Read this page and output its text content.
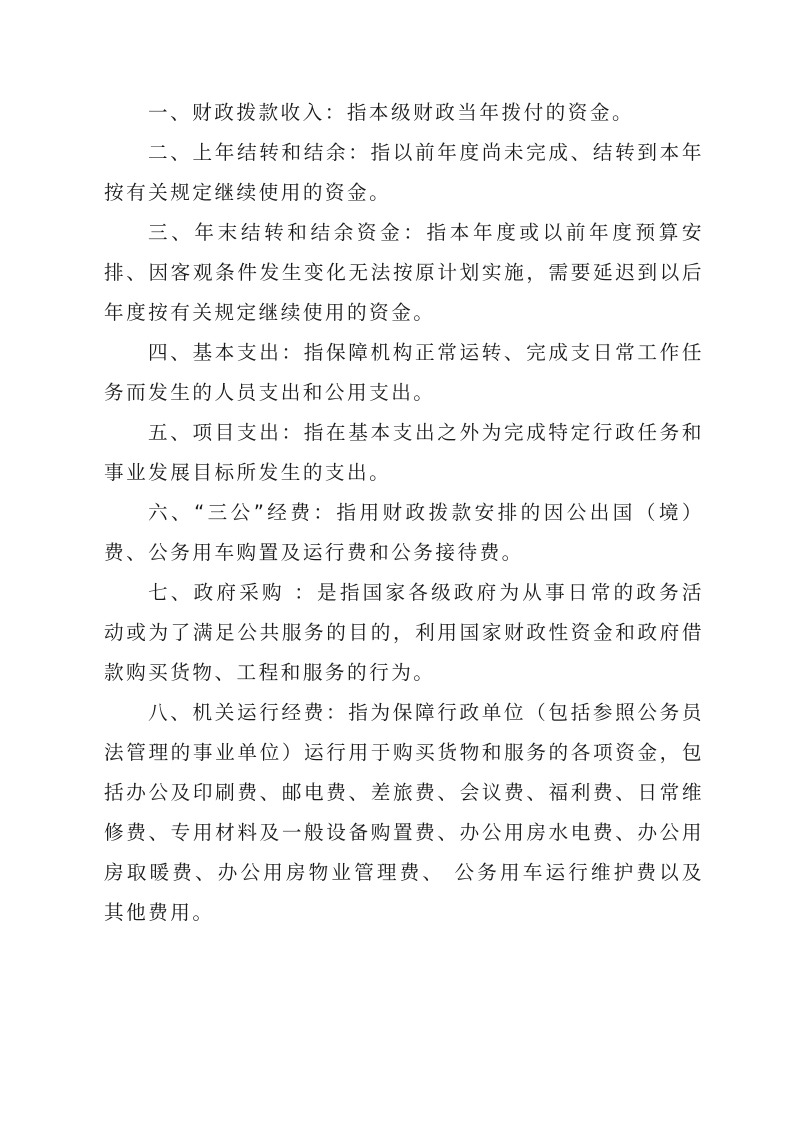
一、财政拨款收入：指本级财政当年拨付的资金。

二、上年结转和结余：指以前年度尚未完成、结转到本年按有关规定继续使用的资金。

三、年末结转和结余资金：指本年度或以前年度预算安排、因客观条件发生变化无法按原计划实施，需要延迟到以后年度按有关规定继续使用的资金。

四、基本支出：指保障机构正常运转、完成支日常工作任务而发生的人员支出和公用支出。

五、项目支出：指在基本支出之外为完成特定行政任务和事业发展目标所发生的支出。

六、“三公”经费：指用财政拨款安排的因公出国（境）费、公务用车购置及运行费和公务接待费。

七、政府采购 ：是指国家各级政府为从事日常的政务活动或为了满足公共服务的目的，利用国家财政性资金和政府借款购买货物、工程和服务的行为。

八、机关运行经费：指为保障行政单位（包括参照公务员法管理的事业单位）运行用于购买货物和服务的各项资金，包括办公及印刷费、邮电费、差旅费、会议费、福利费、日常维修费、专用材料及一般设备购置费、办公用房水电费、办公用房取暖费、办公用房物业管理费、 公务用车运行维护费以及其他费用。
